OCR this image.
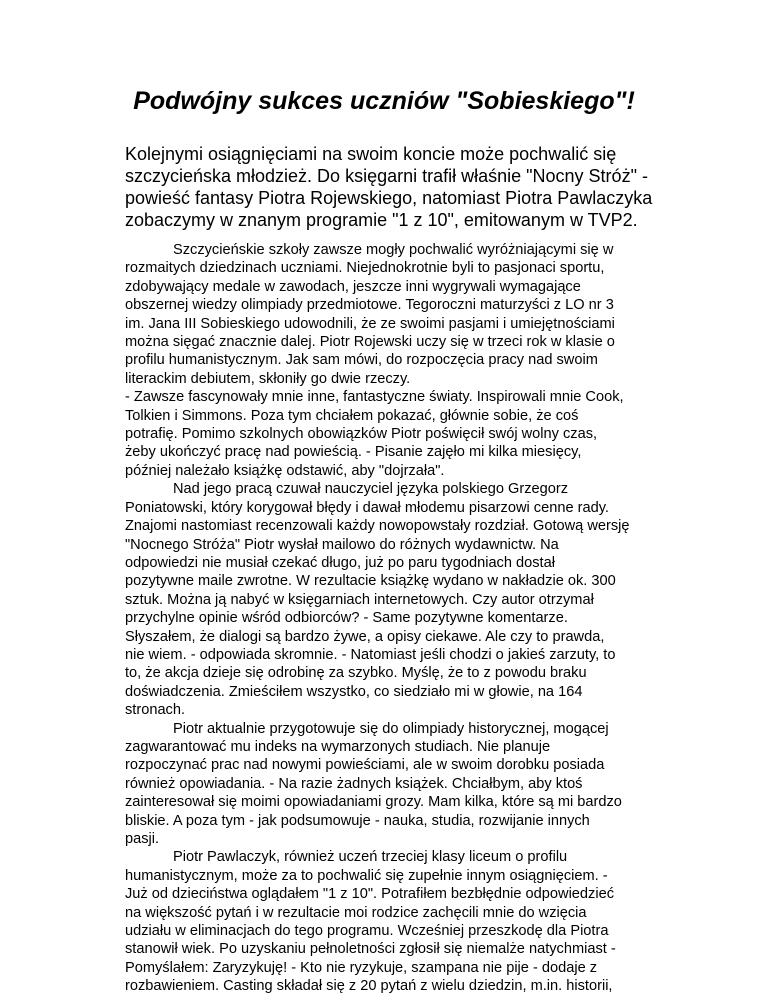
Podwójny sukces uczniów "Sobieskiego"!
Kolejnymi osiągnięciami na swoim koncie może pochwalić się
szczycieńska młodzież. Do księgarni trafił właśnie "Nocny Stróż" -
powieść fantasy Piotra Rojewskiego, natomiast Piotra Pawlaczyka
zobaczymy w znanym programie "1 z 10", emitowanym w TVP2.
Szczycieńskie szkoły zawsze mogły pochwalić wyróżniającymi się w
rozmaitych dziedzinach uczniami. Niejednokrotnie byli to pasjonaci sportu,
zdobywający medale w zawodach, jeszcze inni wygrywali wymagające
obszernej wiedzy olimpiady przedmiotowe. Tegoroczni maturzyści z LO nr 3
im. Jana III Sobieskiego udowodnili, że ze swoimi pasjami i umiejętnościami
można sięgać znacznie dalej. Piotr Rojewski uczy się w trzeci rok w klasie o
profilu humanistycznym. Jak sam mówi, do rozpoczęcia pracy nad swoim
literackim debiutem, skłoniły go dwie rzeczy.
- Zawsze fascynowały mnie inne, fantastyczne światy. Inspirowali mnie Cook,
Tolkien i Simmons. Poza tym chciałem pokazać, głównie sobie, że coś
potrafię. Pomimo szkolnych obowiązków Piotr poświęcił swój wolny czas,
żeby ukończyć pracę nad powieścią. - Pisanie zajęło mi kilka miesięcy,
później należało książkę odstawić, aby "dojrzała".
Nad jego pracą czuwał nauczyciel języka polskiego Grzegorz
Poniatowski, który korygował błędy i dawał młodemu pisarzowi cenne rady.
Znajomi nastomiast recenzowali każdy nowopowstały rozdział. Gotową wersję
"Nocnego Stróża" Piotr wysłał mailowo do różnych wydawnictw. Na
odpowiedzi nie musiał czekać długo, już po paru tygodniach dostał
pozytywne maile zwrotne. W rezultacie książkę wydano w nakładzie ok. 300
sztuk. Można ją nabyć w księgarniach internetowych. Czy autor otrzymał
przychylne opinie wśród odbiorców? - Same pozytywne komentarze.
Słyszałem, że dialogi są bardzo żywe, a opisy ciekawe. Ale czy to prawda,
nie wiem. - odpowiada skromnie. - Natomiast jeśli chodzi o jakieś zarzuty, to
to, że akcja dzieje się odrobinę za szybko. Myślę, że to z powodu braku
doświadczenia. Zmieściłem wszystko, co siedziało mi w głowie, na 164
stronach.
Piotr aktualnie przygotowuje się do olimpiady historycznej, mogącej
zagwarantować mu indeks na wymarzonych studiach. Nie planuje
rozpoczynać prac nad nowymi powieściami, ale w swoim dorobku posiada
również opowiadania. - Na razie żadnych książek. Chciałbym, aby ktoś
zainteresował się moimi opowiadaniami grozy. Mam kilka, które są mi bardzo
bliskie. A poza tym - jak podsumowuje - nauka, studia, rozwijanie innych
pasji.
Piotr Pawlaczyk, również uczeń trzeciej klasy liceum o profilu
humanistycznym, może za to pochwalić się zupełnie innym osiągnięciem. -
Już od dzieciństwa oglądałem "1 z 10". Potrafiłem bezbłędnie odpowiedzieć
na większość pytań i w rezultacie moi rodzice zachęcili mnie do wzięcia
udziału w eliminacjach do tego programu. Wcześniej przeszkodę dla Piotra
stanowił wiek. Po uzyskaniu pełnoletności zgłosił się niemalże natychmiast -
Pomyślałem: Zaryzykuję! - Kto nie ryzykuje, szampana nie pije - dodaje z
rozbawieniem. Casting składał się z 20 pytań z wielu dziedzin, m.in. historii,
